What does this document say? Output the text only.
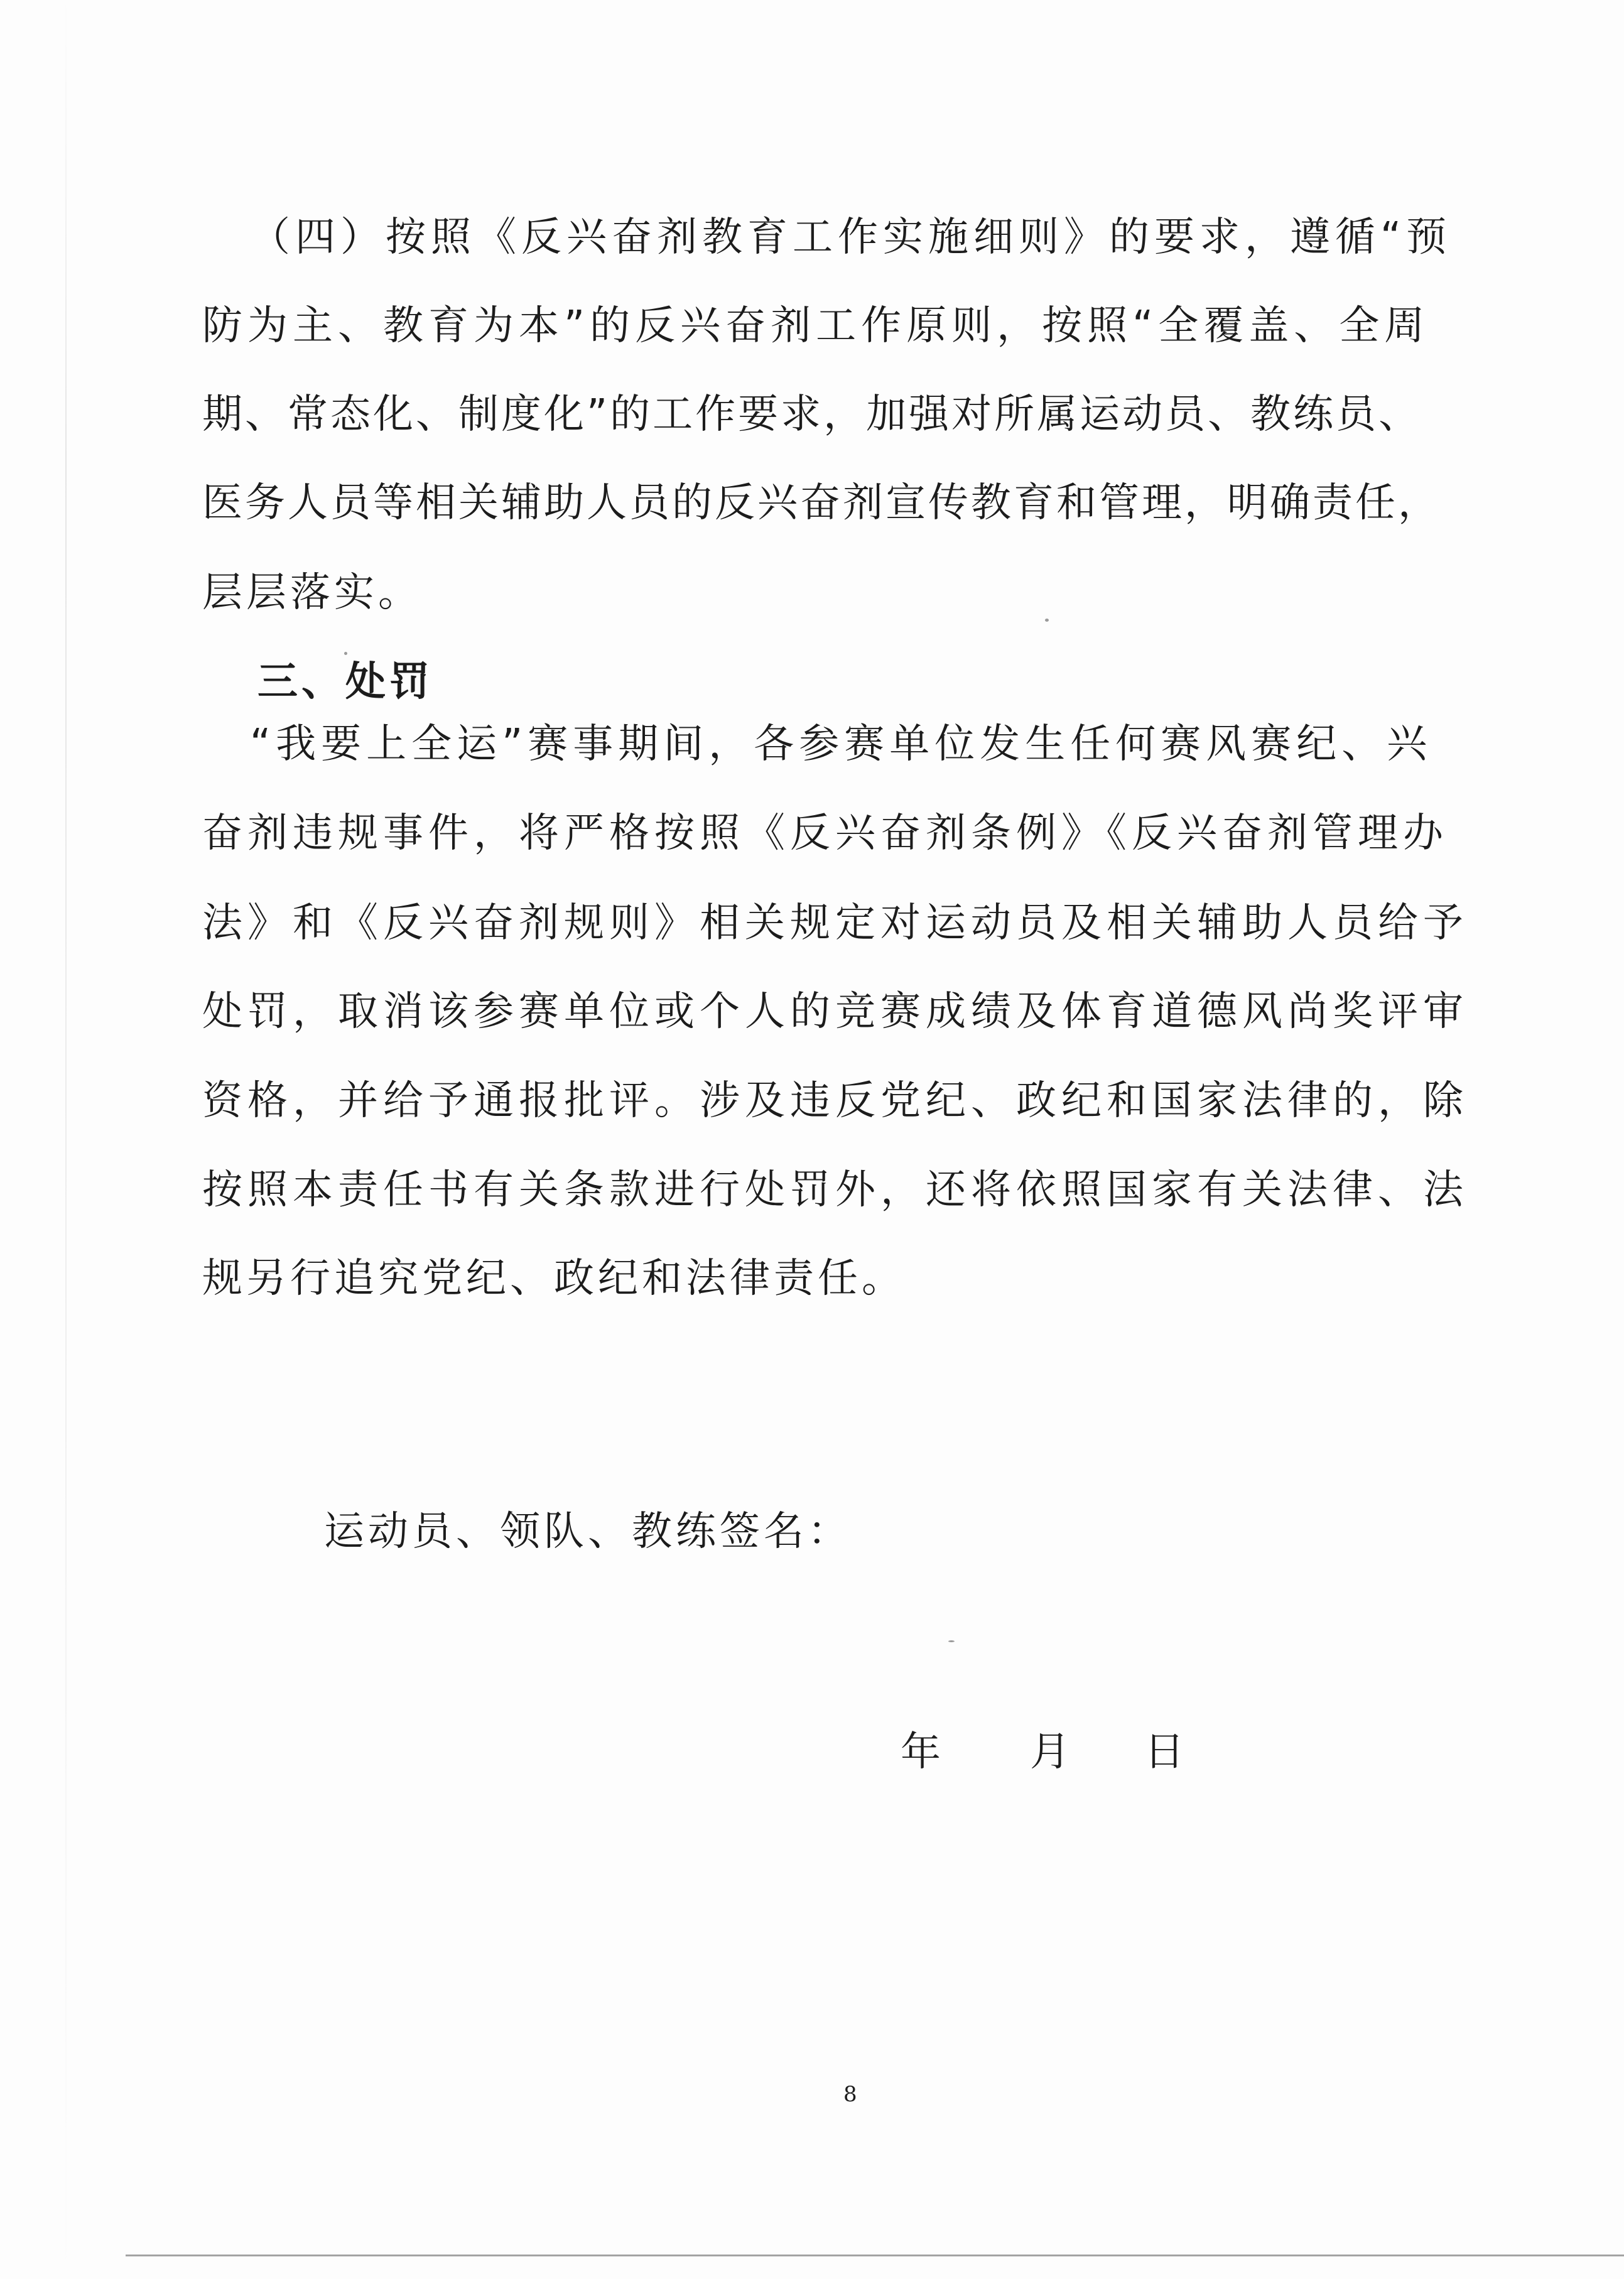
（四）按照《反兴奋剂教育工作实施细则》的要求，遵循“预
防为主、教育为本”的反兴奋剂工作原则，按照“全覆盖、全周
期、常态化、制度化”的工作要求，加强对所属运动员、教练员、
医务人员等相关辅助人员的反兴奋剂宣传教育和管理，明确责任，
层层落实。
三、处罚
“我要上全运”赛事期间，各参赛单位发生任何赛风赛纪、兴
奋剂违规事件，将严格按照《反兴奋剂条例》《反兴奋剂管理办
法》和《反兴奋剂规则》相关规定对运动员及相关辅助人员给予
处罚，取消该参赛单位或个人的竞赛成绩及体育道德风尚奖评审
资格，并给予通报批评。涉及违反党纪、政纪和国家法律的，除
按照本责任书有关条款进行处罚外，还将依照国家有关法律、法
规另行追究党纪、政纪和法律责任。
运动员、领队、教练签名：
年 月 日
8
